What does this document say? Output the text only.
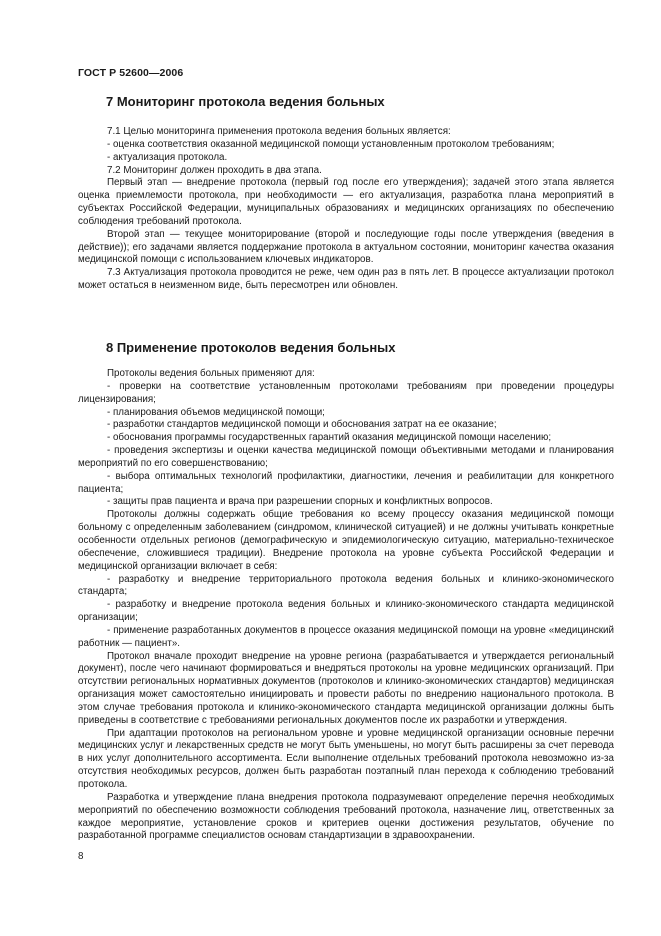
ГОСТ Р 52600—2006
7 Мониторинг протокола ведения больных

7.1 Целью мониторинга применения протокола ведения больных является:

- оценка соответствия оказанной медицинской помощи установленным протоколом требованиям;

- актуализация протокола.

7.2 Мониторинг должен проходить в два этапа.

Первый этап — внедрение протокола (первый год после его утверждения); задачей этого этапа является оценка приемлемости протокола, при необходимости — его актуализация, разработка плана мероприятий в субъектах Российской Федерации, муниципальных образованиях и медицинских организациях по обеспечению соблюдения требований протокола.

Второй этап — текущее мониторирование (второй и последующие годы после утверждения (введения в действие)); его задачами является поддержание протокола в актуальном состоянии, мониторинг качества оказания медицинской помощи с использованием ключевых индикаторов.

7.3 Актуализация протокола проводится не реже, чем один раз в пять лет. В процессе актуализации протокол может остаться в неизменном виде, быть пересмотрен или обновлен.

8 Применение протоколов ведения больных

Протоколы ведения больных применяют для:

- проверки на соответствие установленным протоколами требованиям при проведении процедуры лицензирования;

- планирования объемов медицинской помощи;

- разработки стандартов медицинской помощи и обоснования затрат на ее оказание;

- обоснования программы государственных гарантий оказания медицинской помощи населению;

- проведения экспертизы и оценки качества медицинской помощи объективными методами и планирования мероприятий по его совершенствованию;

- выбора оптимальных технологий профилактики, диагностики, лечения и реабилитации для конкретного пациента;

- защиты прав пациента и врача при разрешении спорных и конфликтных вопросов.

Протоколы должны содержать общие требования ко всему процессу оказания медицинской помощи больному с определенным заболеванием (синдромом, клинической ситуацией) и не должны учитывать конкретные особенности отдельных регионов (демографическую и эпидемиологическую ситуацию, материально-техническое обеспечение, сложившиеся традиции). Внедрение протокола на уровне субъекта Российской Федерации и медицинской организации включает в себя:

- разработку и внедрение территориального протокола ведения больных и клинико-экономического стандарта;

- разработку и внедрение протокола ведения больных и клинико-экономического стандарта медицинской организации;

- применение разработанных документов в процессе оказания медицинской помощи на уровне «медицинский работник — пациент».

Протокол вначале проходит внедрение на уровне региона (разрабатывается и утверждается региональный документ), после чего начинают формироваться и внедряться протоколы на уровне медицинских организаций. При отсутствии региональных нормативных документов (протоколов и клинико-экономических стандартов) медицинская организация может самостоятельно инициировать и провести работы по внедрению национального протокола. В этом случае требования протокола и клинико-экономического стандарта медицинской организации должны быть приведены в соответствие с требованиями региональных документов после их разработки и утверждения.

При адаптации протоколов на региональном уровне и уровне медицинской организации основные перечни медицинских услуг и лекарственных средств не могут быть уменьшены, но могут быть расширены за счет перевода в них услуг дополнительного ассортимента. Если выполнение отдельных требований протокола невозможно из-за отсутствия необходимых ресурсов, должен быть разработан поэтапный план перехода к соблюдению требований протокола.

Разработка и утверждение плана внедрения протокола подразумевают определение перечня необходимых мероприятий по обеспечению возможности соблюдения требований протокола, назначение лиц, ответственных за каждое мероприятие, установление сроков и критериев оценки достижения результатов, обучение по разработанной программе специалистов основам стандартизации в здравоохранении.

8
